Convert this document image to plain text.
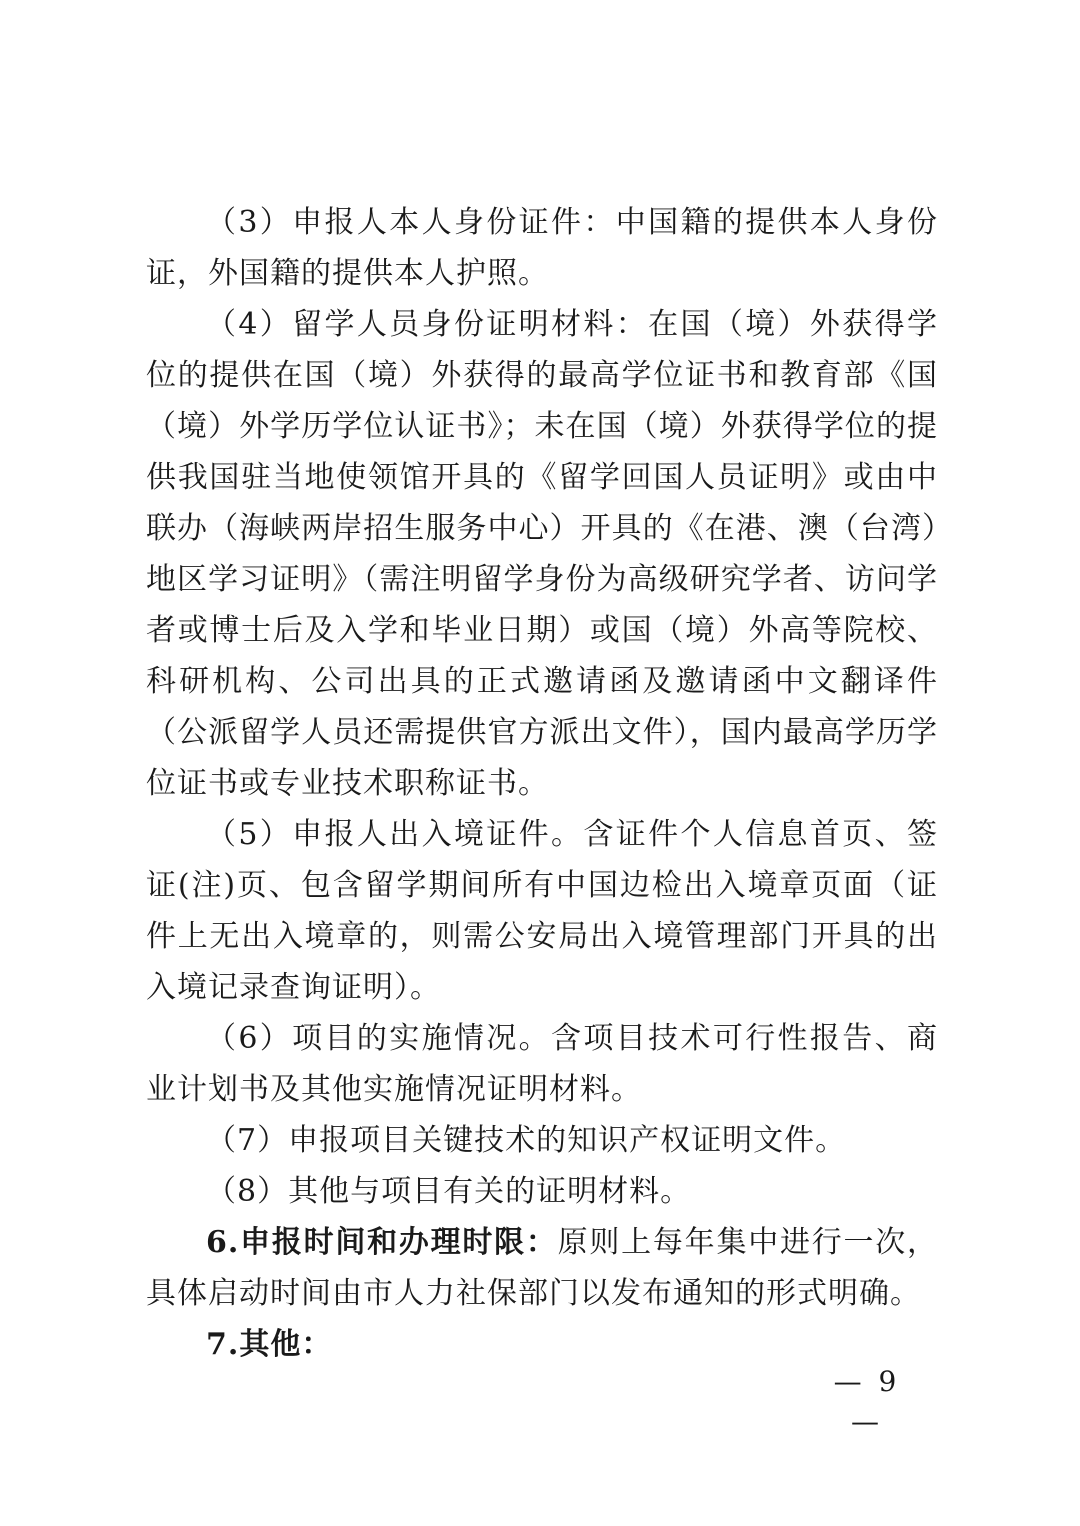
（3）申报人本人身份证件：中国籍的提供本人身份证，外国籍的提供本人护照。

（4）留学人员身份证明材料：在国（境）外获得学位的提供在国（境）外获得的最高学位证书和教育部《国（境）外学历学位认证书》；未在国（境）外获得学位的提供我国驻当地使领馆开具的《留学回国人员证明》或由中联办（海峡两岸招生服务中心）开具的《在港、澳（台湾）地区学习证明》（需注明留学身份为高级研究学者、访问学者或博士后及入学和毕业日期）或国（境）外高等院校、科研机构、公司出具的正式邀请函及邀请函中文翻译件（公派留学人员还需提供官方派出文件），国内最高学历学位证书或专业技术职称证书。

（5）申报人出入境证件。含证件个人信息首页、签证(注)页、包含留学期间所有中国边检出入境章页面（证件上无出入境章的，则需公安局出入境管理部门开具的出入境记录查询证明）。

（6）项目的实施情况。含项目技术可行性报告、商业计划书及其他实施情况证明材料。

（7）申报项目关键技术的知识产权证明文件。

（8）其他与项目有关的证明材料。

6.申报时间和办理时限：原则上每年集中进行一次，具体启动时间由市人力社保部门以发布通知的形式明确。

7.其他：

— 9 —
